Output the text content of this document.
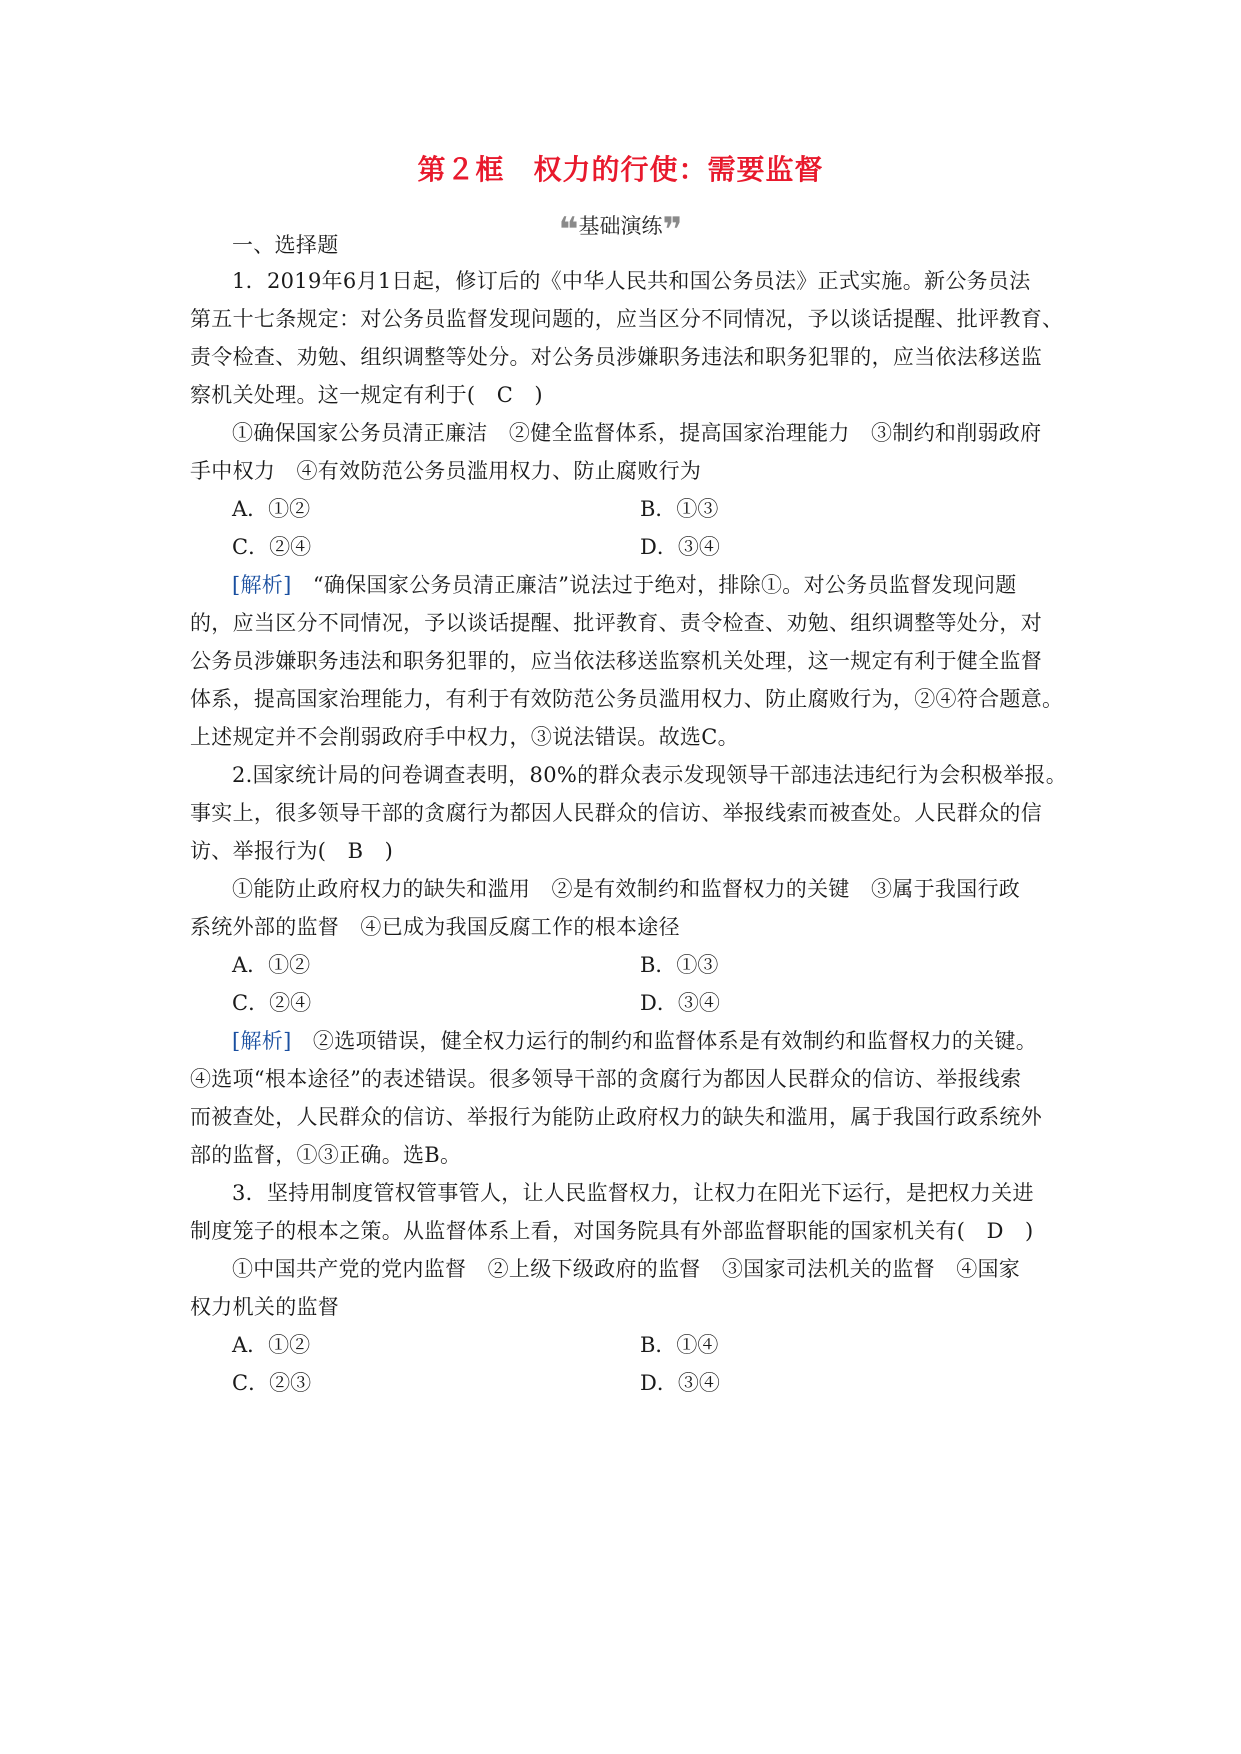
第２框　权力的行使：需要监督
❝基础演练❞
一、选择题
1．2019年6月1日起，修订后的《中华人民共和国公务员法》正式实施。新公务员法
第五十七条规定：对公务员监督发现问题的，应当区分不同情况，予以谈话提醒、批评教育、
责令检查、劝勉、组织调整等处分。对公务员涉嫌职务违法和职务犯罪的，应当依法移送监
察机关处理。这一规定有利于(　C　)
①确保国家公务员清正廉洁　②健全监督体系，提高国家治理能力　③制约和削弱政府
手中权力　④有效防范公务员滥用权力、防止腐败行为
A．①②	B．①③
C．②④	D．③④
[解析]　“确保国家公务员清正廉洁”说法过于绝对，排除①。对公务员监督发现问题
的，应当区分不同情况，予以谈话提醒、批评教育、责令检查、劝勉、组织调整等处分，对
公务员涉嫌职务违法和职务犯罪的，应当依法移送监察机关处理，这一规定有利于健全监督
体系，提高国家治理能力，有利于有效防范公务员滥用权力、防止腐败行为，②④符合题意。
上述规定并不会削弱政府手中权力，③说法错误。故选C。
2.国家统计局的问卷调查表明，80%的群众表示发现领导干部违法违纪行为会积极举报。
事实上，很多领导干部的贪腐行为都因人民群众的信访、举报线索而被查处。人民群众的信
访、举报行为(　B　)
①能防止政府权力的缺失和滥用　②是有效制约和监督权力的关键　③属于我国行政
系统外部的监督　④已成为我国反腐工作的根本途径
A．①②	B．①③
C．②④	D．③④
[解析]　②选项错误，健全权力运行的制约和监督体系是有效制约和监督权力的关键。
④选项“根本途径”的表述错误。很多领导干部的贪腐行为都因人民群众的信访、举报线索
而被查处，人民群众的信访、举报行为能防止政府权力的缺失和滥用，属于我国行政系统外
部的监督，①③正确。选B。
3．坚持用制度管权管事管人，让人民监督权力，让权力在阳光下运行，是把权力关进
制度笼子的根本之策。从监督体系上看，对国务院具有外部监督职能的国家机关有(　D　)
①中国共产党的党内监督　②上级下级政府的监督　③国家司法机关的监督　④国家
权力机关的监督
A．①②	B．①④
C．②③	D．③④
